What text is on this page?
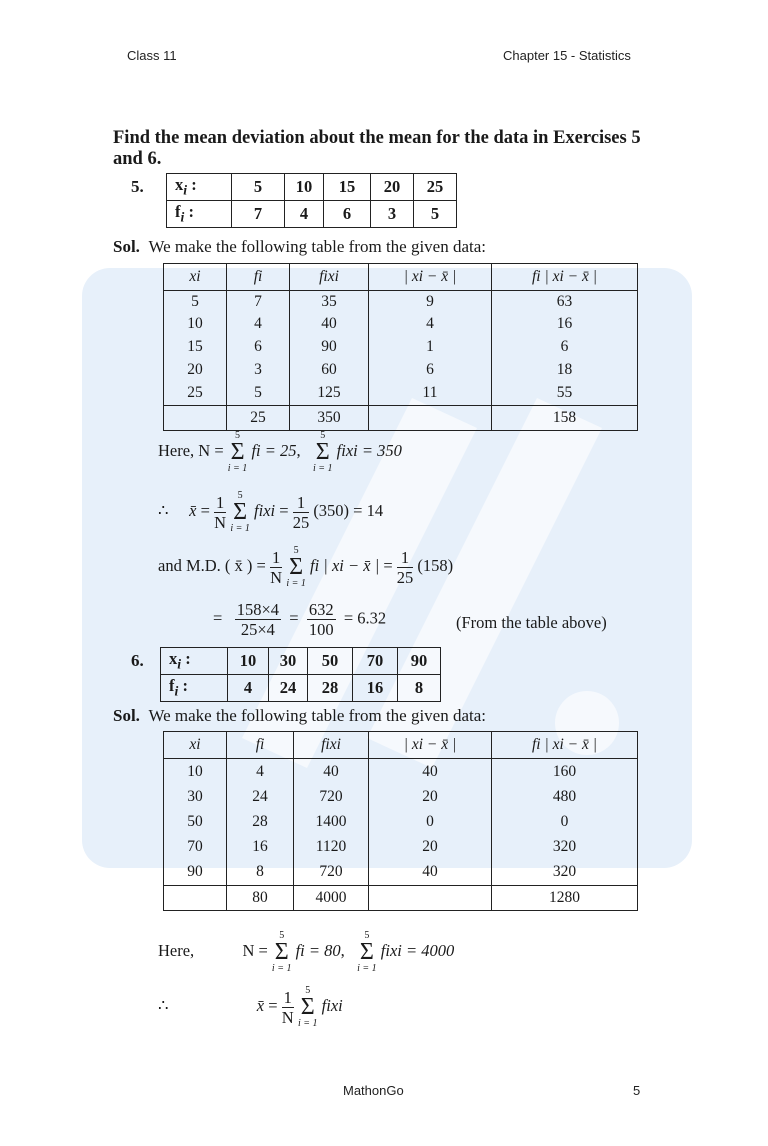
Class 11	Chapter 15 - Statistics
Find the mean deviation about the mean for the data in Exercises 5 and 6.
5. $x_i$ :	5	10	15	20	25
$f_i$ :	7	4	6	3	5
Sol. We make the following table from the given data:
xi	fi	fixi	| xi − x̄ |	fi | xi − x̄ |
5	7	35	9	63
10	4	40	4	16
15	6	90	1	6
20	3	60	6	18
25	5	125	11	55
	25	350		158
Here, N =
5
Σ
i = 1
fi = 25,
5
Σ
i = 1
fixi = 350
∴ x̄ = $\frac{1}{N}$
	5
Σ
i = 1
fixi = $\frac{1}{25} (350) = 14$
and M.D. ( x̄ ) = $\frac{1}{N}$
	5
Σ
i = 1
fi | xi − x̄ | = $\frac{1}{25} (158)$
= $\frac{158\times 4}{25\times 4} = \frac{632}{100} = 6.32$	(From the table above)
6. $x_i$ :	10	30	50	70	90
$f_i$ :	4	24	28	16	8
Sol. We make the following table from the given data:
xi	fi	fixi	| xi − x̄ |	fi | xi − x̄ |
10	4	40	40	160
30	24	720	20	480
50	28	1400	0	0
70	16	1120	20	320
90	8	720	40	320
	80	4000		1280
Here,	N =
5
Σ
i = 1
fi = 80,
5
Σ
i = 1
fixi = 4000
∴	x̄ = $\frac{1}{N}$
	5
Σ
i = 1
fixi
MathonGo	5
